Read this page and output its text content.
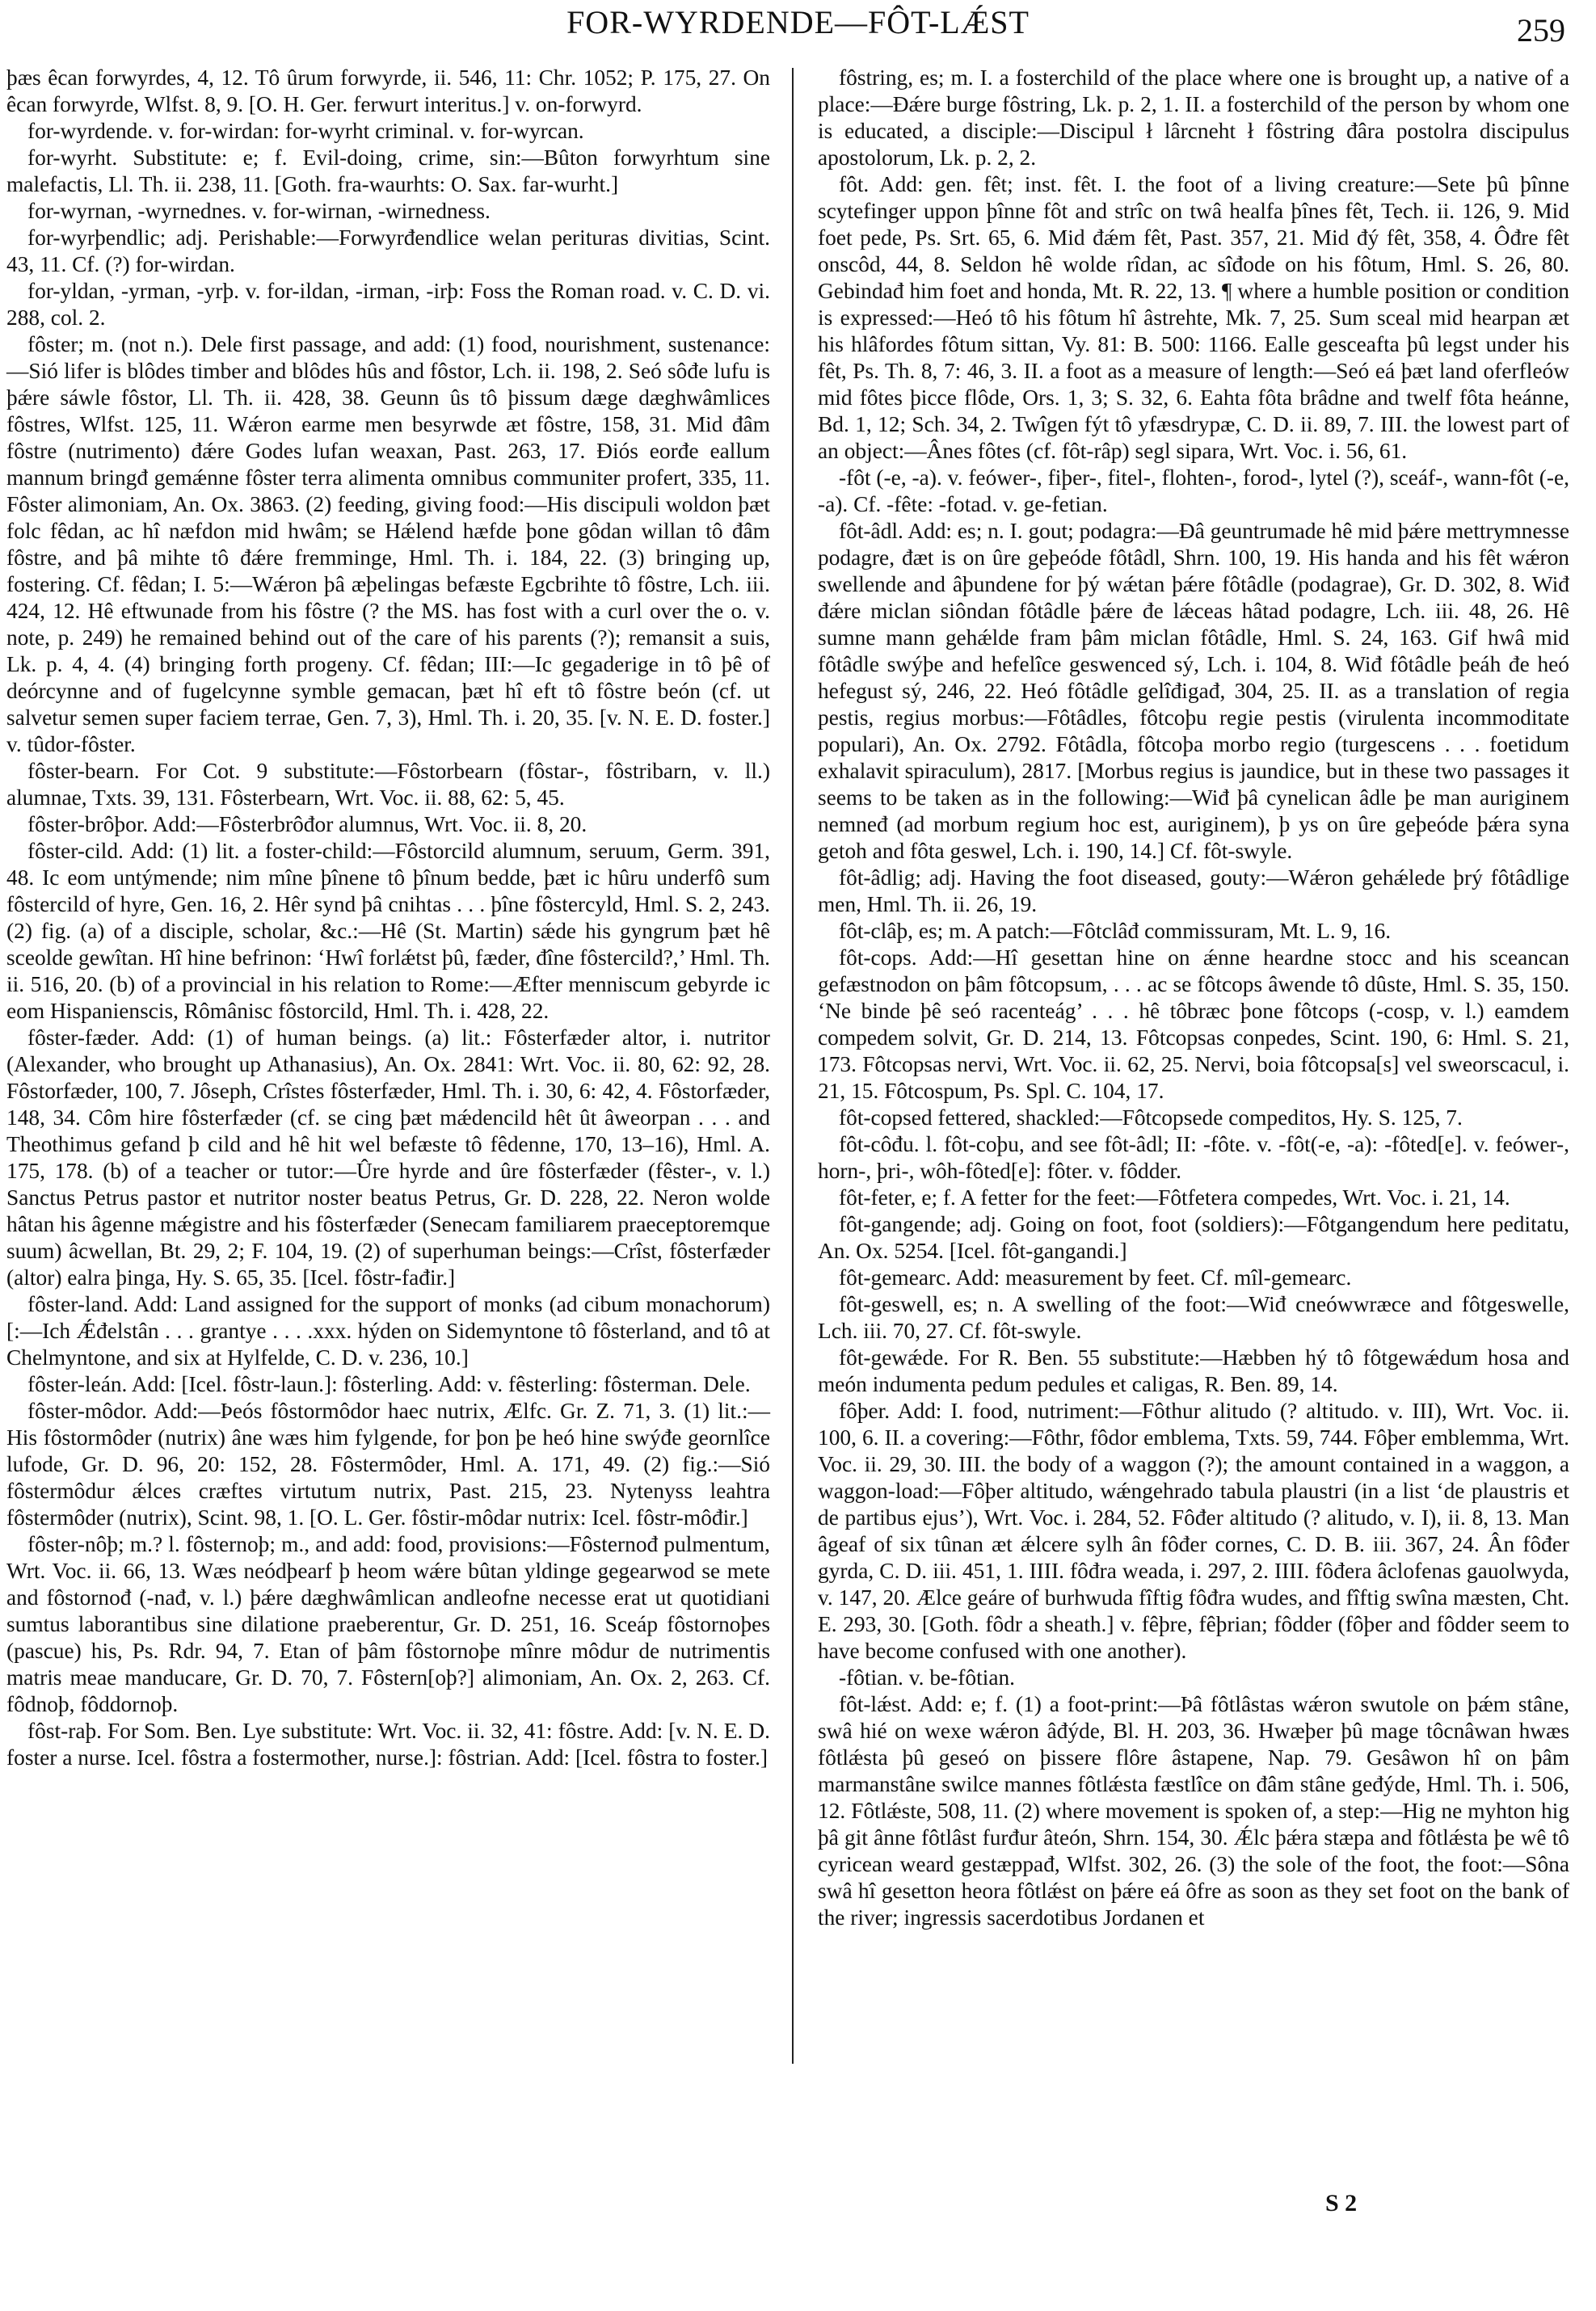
FOR-WYRDENDE—FÔT-LǼST	259

þæs êcan forwyrdes, 4, 12. Tô ûrum forwyrde, ii. 546, 11: Chr. 1052; P. 175, 27. On êcan forwyrde, Wlfst. 8, 9. [O. H. Ger. ferwurt interitus.] v. on-forwyrd.

for-wyrdende. v. for-wirdan: for-wyrht criminal. v. for-wyrcan.

for-wyrht. Substitute: e; f. Evil-doing, crime, sin:—Bûton forwyrhtum sine malefactis, Ll. Th. ii. 238, 11. [Goth. fra-waurhts: O. Sax. far-wurht.]

for-wyrnan, -wyrnednes. v. for-wirnan, -wirnedness.

for-wyrþendlic; adj. Perishable:—Forwyrđendlice welan perituras divitias, Scint. 43, 11. Cf. (?) for-wirdan.

for-yldan, -yrman, -yrþ. v. for-ildan, -irman, -irþ: Foss the Roman road. v. C. D. vi. 288, col. 2.

fôster; m. (not n.). Dele first passage, and add: (1) food, nourishment, sustenance:—Sió lifer is blôdes timber and blôdes hûs and fôstor, Lch. ii. 198, 2. Seó sôđe lufu is þǽre sáwle fôstor, Ll. Th. ii. 428, 38. Geunn ûs tô þissum dæge dæghwâmlices fôstres, Wlfst. 125, 11. Wǽron earme men besyrwde æt fôstre, 158, 31. Mid đâm fôstre (nutrimento) đǽre Godes lufan weaxan, Past. 263, 17. Điós eorđe eallum mannum bringđ gemǽnne fôster terra alimenta omnibus communiter profert, 335, 11. Fôster alimoniam, An. Ox. 3863. (2) feeding, giving food:—His discipuli woldon þæt folc fêdan, ac hî næfdon mid hwâm; se Hǽlend hæfde þone gôdan willan tô đâm fôstre, and þâ mihte tô đǽre fremminge, Hml. Th. i. 184, 22. (3) bringing up, fostering. Cf. fêdan; I. 5:—Wǽron þâ æþelingas befæste Egcbrihte tô fôstre, Lch. iii. 424, 12. Hê eftwunade from his fôstre (? the MS. has fost with a curl over the o. v. note, p. 249) he remained behind out of the care of his parents (?); remansit a suis, Lk. p. 4, 4. (4) bringing forth progeny. Cf. fêdan; III:—Ic gegaderige in tô þê of deórcynne and of fugelcynne symble gemacan, þæt hî eft tô fôstre beón (cf. ut salvetur semen super faciem terrae, Gen. 7, 3), Hml. Th. i. 20, 35. [v. N. E. D. foster.] v. tûdor-fôster.

fôster-bearn. For Cot. 9 substitute:—Fôstorbearn (fôstar-, fôstribarn, v. ll.) alumnae, Txts. 39, 131. Fôsterbearn, Wrt. Voc. ii. 88, 62: 5, 45.

fôster-brôþor. Add:—Fôsterbrôđor alumnus, Wrt. Voc. ii. 8, 20.

fôster-cild. Add: (1) lit. a foster-child:—Fôstorcild alumnum, seruum, Germ. 391, 48. Ic eom untýmende; nim mîne þînene tô þînum bedde, þæt ic hûru underfô sum fôstercild of hyre, Gen. 16, 2. Hêr synd þâ cnihtas . . . þîne fôstercyld, Hml. S. 2, 243. (2) fig. (a) of a disciple, scholar, &c.:—Hê (St. Martin) sǽde his gyngrum þæt hê sceolde gewîtan. Hî hine befrinon: ‘Hwî forlǽtst þû, fæder, đîne fôstercild?,’ Hml. Th. ii. 516, 20. (b) of a provincial in his relation to Rome:—Æfter menniscum gebyrde ic eom Hispanienscis, Rômânisc fôstorcild, Hml. Th. i. 428, 22.

fôster-fæder. Add: (1) of human beings. (a) lit.: Fôsterfæder altor, i. nutritor (Alexander, who brought up Athanasius), An. Ox. 2841: Wrt. Voc. ii. 80, 62: 92, 28. Fôstorfæder, 100, 7. Jôseph, Crîstes fôsterfæder, Hml. Th. i. 30, 6: 42, 4. Fôstorfæder, 148, 34. Côm hire fôsterfæder (cf. se cing þæt mǽdencild hêt ût âweorpan . . . and Theothimus gefand þ cild and hê hit wel befæste tô fêdenne, 170, 13–16), Hml. A. 175, 178. (b) of a teacher or tutor:—Ûre hyrde and ûre fôsterfæder (fêster-, v. l.) Sanctus Petrus pastor et nutritor noster beatus Petrus, Gr. D. 228, 22. Neron wolde hâtan his âgenne mǽgistre and his fôsterfæder (Senecam familiarem praeceptoremque suum) âcwellan, Bt. 29, 2; F. 104, 19. (2) of superhuman beings:—Crîst, fôsterfæder (altor) ealra þinga, Hy. S. 65, 35. [Icel. fôstr-fađir.]

fôster-land. Add: Land assigned for the support of monks (ad cibum monachorum) [:—Ich Ǽđelstân . . . grantye . . . .xxx. hýden on Sidemyntone tô fôsterland, and tô at Chelmyntone, and six at Hylfelde, C. D. v. 236, 10.]

fôster-leán. Add: [Icel. fôstr-laun.]: fôsterling. Add: v. fêsterling: fôsterman. Dele.

fôster-môdor. Add:—Þeós fôstormôdor haec nutrix, Ælfc. Gr. Z. 71, 3. (1) lit.:—His fôstormôder (nutrix) âne wæs him fylgende, for þon þe heó hine swýđe geornlîce lufode, Gr. D. 96, 20: 152, 28. Fôstermôder, Hml. A. 171, 49. (2) fig.:—Sió fôstermôdur ǽlces cræftes virtutum nutrix, Past. 215, 23. Nytenyss leahtra fôstermôder (nutrix), Scint. 98, 1. [O. L. Ger. fôstir-môdar nutrix: Icel. fôstr-môđir.]

fôster-nôþ; m.? l. fôsternoþ; m., and add: food, provisions:—Fôsternođ pulmentum, Wrt. Voc. ii. 66, 13. Wæs neódþearf þ heom wǽre bûtan yldinge gegearwod se mete and fôstornođ (-nađ, v. l.) þǽre dæghwâmlican andleofne necesse erat ut quotidiani sumtus laborantibus sine dilatione praeberentur, Gr. D. 251, 16. Sceáp fôstornoþes (pascue) his, Ps. Rdr. 94, 7. Etan of þâm fôstornoþe mînre môdur de nutrimentis matris meae manducare, Gr. D. 70, 7. Fôstern[oþ?] alimoniam, An. Ox. 2, 263. Cf. fôdnoþ, fôddornoþ.

fôst-raþ. For Som. Ben. Lye substitute: Wrt. Voc. ii. 32, 41: fôstre. Add: [v. N. E. D. foster a nurse. Icel. fôstra a fostermother, nurse.]: fôstrian. Add: [Icel. fôstra to foster.]

fôstring, es; m. I. a fosterchild of the place where one is brought up, a native of a place:—Đǽre burge fôstring, Lk. p. 2, 1. II. a fosterchild of the person by whom one is educated, a disciple:—Discipul ł lârcneht ł fôstring đâra postolra discipulus apostolorum, Lk. p. 2, 2.

fôt. Add: gen. fêt; inst. fêt. I. the foot of a living creature:—Sete þû þînne scytefinger uppon þînne fôt and strîc on twâ healfa þînes fêt, Tech. ii. 126, 9. Mid foet pede, Ps. Srt. 65, 6. Mid đǽm fêt, Past. 357, 21. Mid đý fêt, 358, 4. Ôđre fêt onscôd, 44, 8. Seldon hê wolde rîdan, ac sîđode on his fôtum, Hml. S. 26, 80. Gebindađ him foet and honda, Mt. R. 22, 13. ¶ where a humble position or condition is expressed:—Heó tô his fôtum hî âstrehte, Mk. 7, 25. Sum sceal mid hearpan æt his hlâfordes fôtum sittan, Vy. 81: B. 500: 1166. Ealle gesceafta þû legst under his fêt, Ps. Th. 8, 7: 46, 3. II. a foot as a measure of length:—Seó eá þæt land oferfleów mid fôtes þicce flôde, Ors. 1, 3; S. 32, 6. Eahta fôta brâdne and twelf fôta heánne, Bd. 1, 12; Sch. 34, 2. Twîgen fýt tô yfæsdrypæ, C. D. ii. 89, 7. III. the lowest part of an object:—Ânes fôtes (cf. fôt-râp) segl sipara, Wrt. Voc. i. 56, 61.

-fôt (-e, -a). v. feówer-, fiþer-, fitel-, flohten-, forod-, lytel (?), sceáf-, wann-fôt (-e, -a). Cf. -fête: -fotad. v. ge-fetian.

fôt-âdl. Add: es; n. I. gout; podagra:—Đâ geuntrumade hê mid þǽre mettrymnesse podagre, đæt is on ûre geþeóde fôtâdl, Shrn. 100, 19. His handa and his fêt wǽron swellende and âþundene for þý wǽtan þǽre fôtâdle (podagrae), Gr. D. 302, 8. Wiđ đǽre miclan siôndan fôtâdle þǽre đe lǽceas hâtad podagre, Lch. iii. 48, 26. Hê sumne mann gehǽlde fram þâm miclan fôtâdle, Hml. S. 24, 163. Gif hwâ mid fôtâdle swýþe and hefelîce geswenced sý, Lch. i. 104, 8. Wiđ fôtâdle þeáh đe heó hefegust sý, 246, 22. Heó fôtâdle gelîđigađ, 304, 25. II. as a translation of regia pestis, regius morbus:—Fôtâdles, fôtcoþu regie pestis (virulenta incommoditate populari), An. Ox. 2792. Fôtâdla, fôtcoþa morbo regio (turgescens . . . foetidum exhalavit spiraculum), 2817. [Morbus regius is jaundice, but in these two passages it seems to be taken as in the following:—Wiđ þâ cynelican âdle þe man auriginem nemneđ (ad morbum regium hoc est, auriginem), þ ys on ûre geþeóde þǽra syna getoh and fôta geswel, Lch. i. 190, 14.] Cf. fôt-swyle.

fôt-âdlig; adj. Having the foot diseased, gouty:—Wǽron gehǽlede þrý fôtâdlige men, Hml. Th. ii. 26, 19.

fôt-clâþ, es; m. A patch:—Fôtclâđ commissuram, Mt. L. 9, 16.

fôt-cops. Add:—Hî gesettan hine on ǽnne heardne stocc and his sceancan gefæstnodon on þâm fôtcopsum, . . . ac se fôtcops âwende tô dûste, Hml. S. 35, 150. ‘Ne binde þê seó racenteág’ . . . hê tôbræc þone fôtcops (-cosp, v. l.) eamdem compedem solvit, Gr. D. 214, 13. Fôtcopsas conpedes, Scint. 190, 6: Hml. S. 21, 173. Fôtcopsas nervi, Wrt. Voc. ii. 62, 25. Nervi, boia fôtcopsa[s] vel sweorscacul, i. 21, 15. Fôtcospum, Ps. Spl. C. 104, 17.

fôt-copsed fettered, shackled:—Fôtcopsede compeditos, Hy. S. 125, 7.

fôt-côđu. l. fôt-coþu, and see fôt-âdl; II: -fôte. v. -fôt(-e, -a): -fôted[e]. v. feówer-, horn-, þri-, wôh-fôted[e]: fôter. v. fôdder.

fôt-feter, e; f. A fetter for the feet:—Fôtfetera compedes, Wrt. Voc. i. 21, 14.

fôt-gangende; adj. Going on foot, foot (soldiers):—Fôtgangendum here peditatu, An. Ox. 5254. [Icel. fôt-gangandi.]

fôt-gemearc. Add: measurement by feet. Cf. mîl-gemearc.

fôt-geswell, es; n. A swelling of the foot:—Wiđ cneówwræce and fôtgeswelle, Lch. iii. 70, 27. Cf. fôt-swyle.

fôt-gewǽde. For R. Ben. 55 substitute:—Hæbben hý tô fôtgewǽdum hosa and meón indumenta pedum pedules et caligas, R. Ben. 89, 14.

fôþer. Add: I. food, nutriment:—Fôthur alitudo (? altitudo. v. III), Wrt. Voc. ii. 100, 6. II. a covering:—Fôthr, fôdor emblema, Txts. 59, 744. Fôþer emblemma, Wrt. Voc. ii. 29, 30. III. the body of a waggon (?); the amount contained in a waggon, a waggon-load:—Fôþer altitudo, wǽngehrado tabula plaustri (in a list ‘de plaustris et de partibus ejus’), Wrt. Voc. i. 284, 52. Fôđer altitudo (? alitudo, v. I), ii. 8, 13. Man âgeaf of six tûnan æt ǽlcere sylh ân fôđer cornes, C. D. B. iii. 367, 24. Ân fôđer gyrda, C. D. iii. 451, 1. IIII. fôđra weada, i. 297, 2. IIII. fôđera âclofenas gauolwyda, v. 147, 20. Ælce geáre of burhwuda fîftig fôđra wudes, and fîftig swîna mæsten, Cht. E. 293, 30. [Goth. fôdr a sheath.] v. fêþre, fêþrian; fôdder (fôþer and fôdder seem to have become confused with one another).

-fôtian. v. be-fôtian.

fôt-lǽst. Add: e; f. (1) a foot-print:—Þâ fôtlâstas wǽron swutole on þǽm stâne, swâ hié on wexe wǽron âđýde, Bl. H. 203, 36. Hwæþer þû mage tôcnâwan hwæs fôtlǽsta þû geseó on þissere flôre âstapene, Nap. 79. Gesâwon hî on þâm marmanstâne swilce mannes fôtlǽsta fæstlîce on đâm stâne geđýde, Hml. Th. i. 506, 12. Fôtlǽste, 508, 11. (2) where movement is spoken of, a step:—Hig ne myhton hig þâ git ânne fôtlâst furđur âteón, Shrn. 154, 30. Ǽlc þǽra stæpa and fôtlǽsta þe wê tô cyricean weard gestæppađ, Wlfst. 302, 26. (3) the sole of the foot, the foot:—Sôna swâ hî gesetton heora fôtlǽst on þǽre eá ôfre as soon as they set foot on the bank of the river; ingressis sacerdotibus Jordanen et

S 2
